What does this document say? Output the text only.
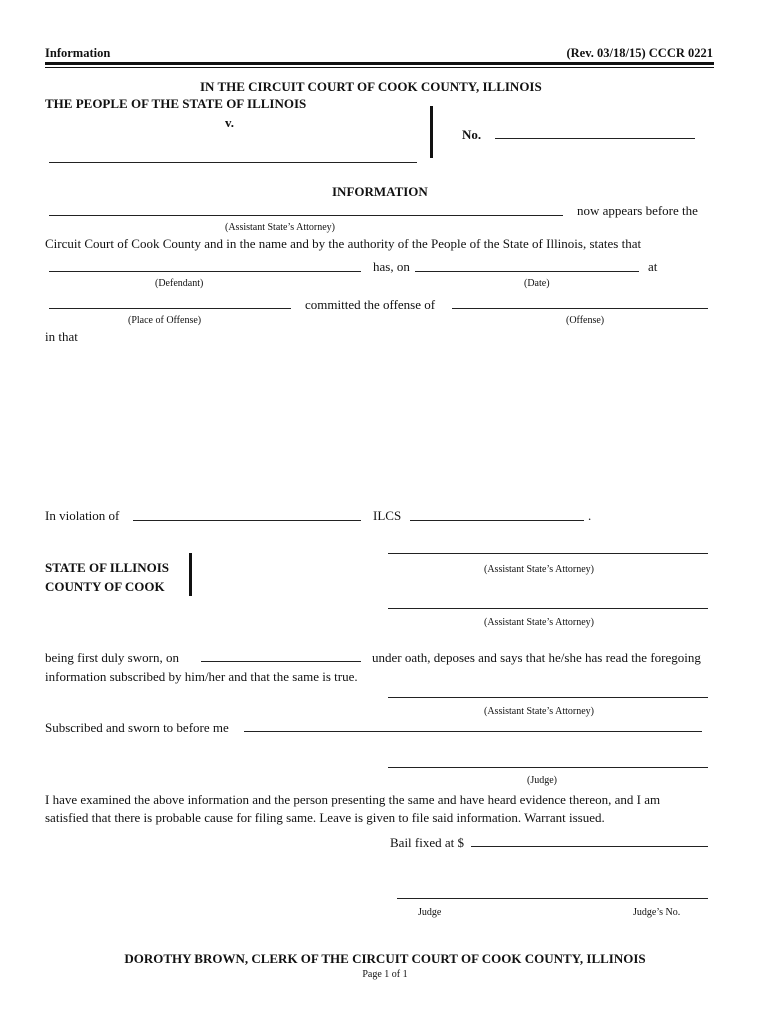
Information	(Rev. 03/18/15) CCCR 0221
IN THE CIRCUIT COURT OF COOK COUNTY, ILLINOIS
THE PEOPLE OF THE STATE OF ILLINOIS
v.
No.
INFORMATION
now appears before the
(Assistant State’s Attorney)
Circuit Court of Cook County and in the name and by the authority of the People of the State of Illinois, states that
has, on	at
(Defendant)	(Date)
committed the offense of
(Place of Offense)	(Offense)
in that
In violation of	ILCS	.
STATE OF ILLINOIS
COUNTY OF COOK
(Assistant State’s Attorney)
(Assistant State’s Attorney)
being first duly sworn, on	under oath, deposes and says that he/she has read the foregoing
information subscribed by him/her and that the same is true.
(Assistant State’s Attorney)
Subscribed and sworn to before me
(Judge)
I have examined the above information and the person presenting the same and have heard evidence thereon, and I am
satisfied that there is probable cause for filing same. Leave is given to file said information. Warrant issued.
Bail fixed at $
Judge	Judge’s No.
DOROTHY BROWN, CLERK OF THE CIRCUIT COURT OF COOK COUNTY, ILLINOIS
Page 1 of 1
